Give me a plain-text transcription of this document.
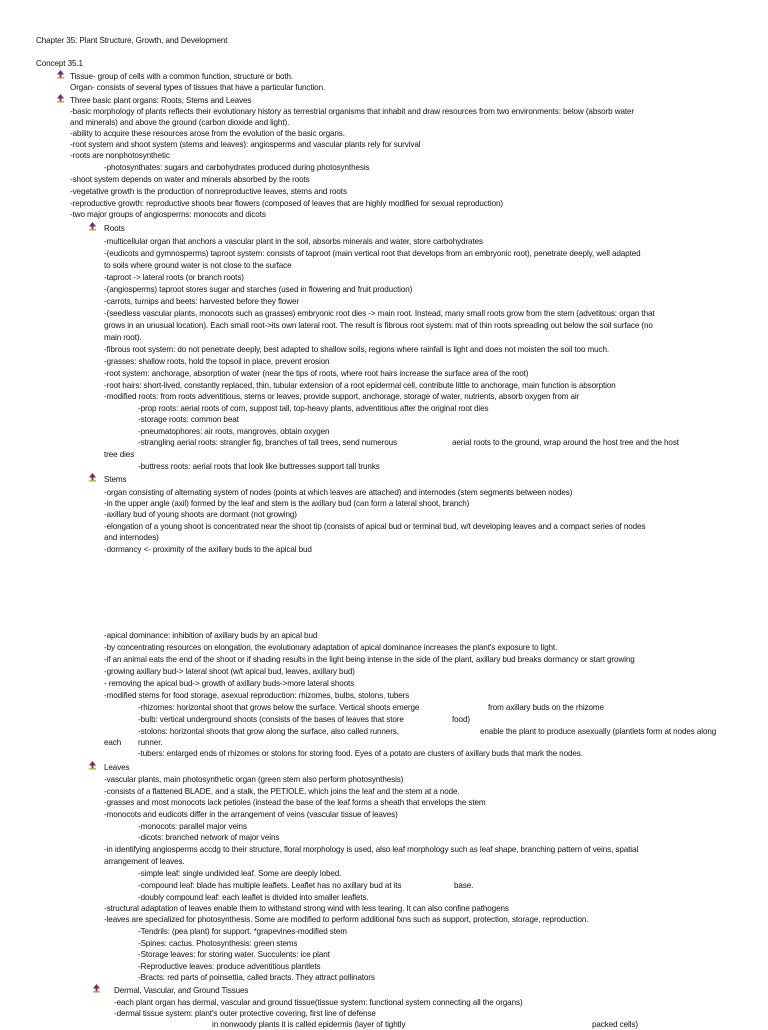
Chapter 35: Plant Structure, Growth, and Development
Concept 35.1
Tissue- group of cells with a common function, structure or both.
Organ- consists of several types of tissues that have a particular function.
Three basic plant organs: Roots, Stems and Leaves
-basic morphology of plants reflects their evolutionary history as terrestrial organisms that inhabit and draw resources from two environments: below (absorb water
and minerals) and above the ground (carbon dioxide and light).
-ability to acquire these resources arose from the evolution of the basic organs.
-root system and shoot system (stems and leaves): angiosperms and vascular plants rely for survival
-roots are nonphotosynthetic
-photosynthates: sugars and carbohydrates produced during photosynthesis
-shoot system depends on water and minerals absorbed by the roots
-vegetative growth is the production of nonreproductive leaves, stems and roots
-reproductive growth: reproductive shoots bear flowers (composed of leaves that are highly modified for sexual reproduction)
-two major groups of angiosperms: monocots and dicots
Roots
-multicellular organ that anchors a vascular plant in the soil, absorbs minerals and water, store carbohydrates
-(eudicots and gymnosperms) taproot system: consists of taproot (main vertical root that develops from an embryonic root), penetrate deeply, well adapted
to soils where ground water is not close to the surface
-taproot -> lateral roots (or branch roots)
-(angiosperms) taproot stores sugar and starches (used in flowering and fruit production)
-carrots, turnips and beets: harvested before they flower
-(seedless vascular plants, monocots such as grasses) embryonic root dies -> main root. Instead, many small roots grow from the stem (advetitous: organ that
grows in an unusual location). Each small root->its own lateral root. The result is fibrous root system: mat of thin roots spreading out below the soil surface (no
main root).
-fibrous root system: do not penetrate deeply, best adapted to shallow soils, regions where rainfall is light and does not moisten the soil too much.
-grasses: shallow roots, hold the topsoil in place, prevent erosion
-root system: anchorage, absorption of water (near the tips of roots, where root hairs increase the surface area of the root)
-root hairs: short-lived, constantly replaced, thin, tubular extension of a root epidermal cell, contribute little to anchorage, main function is absorption
-modified roots: from roots adventitious, stems or leaves, provide support, anchorage, storage of water, nutrients, absorb oxygen from air
-prop roots: aerial roots of corn, suppost tall, top-heavy plants, adventitious after the original root dies
-storage roots: common beat
-pneumatophores: air roots, mangroves, obtain oxygen
-strangling aerial roots: strangler fig, branches of tall trees, send numerous	aerial roots to the ground, wrap around the host tree and the host
tree dies
-buttress roots: aerial roots that look like buttresses support tall trunks
Stems
-organ consisting of alternating system of nodes (points at which leaves are attached) and internodes (stem segments between nodes)
-in the upper angle (axil) formed by the leaf and stem is the axillary bud (can form a lateral shoot, branch)
-axillary bud of young shoots are dormant (not growing)
-elongation of a young shoot is concentrated near the shoot tip (consists of apical bud or terminal bud, w/t developing leaves and a compact series of nodes
and internodes)
-dormancy <- proximity of the axillary buds to the apical bud
-apical dominance: inhibition of axillary buds by an apical bud
-by concentrating resources on elongation, the evolutionary adaptation of apical dominance increases the plant's exposure to light.
-if an animal eats the end of the shoot or if shading results in the light being intense in the side of the plant, axillary bud breaks dormancy or start growing
-growing axillary bud-> lateral shoot (w/t apical bud, leaves, axillary bud)
- removing the apical bud-> growth of axillary buds->more lateral shoots
-modified stems for food storage, asexual reproduction: rhizomes, bulbs, stolons, tubers
-rhizomes: horizontal shoot that grows below the surface. Vertical shoots emerge	from axillary buds on the rhizome
-bulb: vertical underground shoots (consists of the bases of leaves that store	food)
-stolons: horizontal shoots that grow along the surface, also called runners,	enable the plant to produce asexually (plantlets form at nodes along
each runner.
-tubers: enlarged ends of rhizomes or stolons for storing food. Eyes of a potato are clusters of axillary buds that mark the nodes.
Leaves
-vascular plants, main photosynthetic organ (green stem also perform photosynthesis)
-consists of a flattened BLADE, and a stalk, the PETIOLE, which joins the leaf and the stem at a node.
-grasses and most monocots lack petioles (instead the base of the leaf forms a sheath that envelops the stem
-monocots and eudicots differ in the arrangement of veins (vascular tissue of leaves)
-monocots: parallel major veins
-dicots: branched network of major veins
-in identifying angiosperms accdg to their structure, floral morphology is used, also leaf morphology such as leaf shape, branching pattern of veins, spatial
arrangement of leaves.
-simple leaf: single undivided leaf. Some are deeply lobed.
-compound leaf: blade has multiple leaflets. Leaflet has no axillary bud at its	base.
-doubly compound leaf: each leaflet is divided into smaller leaflets.
-structural adaptation of leaves enable them to withstand strong wind with less tearing. It can also confine pathogens
-leaves are specialized for photosynthesis. Some are modified to perform additional fxns such as support, protection, storage, reproduction.
-Tendrils: (pea plant) for support. *grapevines-modified stem
-Spines: cactus. Photosynthesis: green stems
-Storage leaves: for storing water. Succulents: ice plant
-Reproductive leaves: produce adventitious plantlets
-Bracts: red parts of poinsettia, called bracts. They attract pollinators
Dermal, Vascular, and Ground Tissues
-each plant organ has dermal, vascular and ground tissue(tissue system: functional system connecting all the organs)
-dermal tissue system: plant's outer protective covering, first line of defense
in nonwoody plants it is called epidermis (layer of tightly	packed cells)
